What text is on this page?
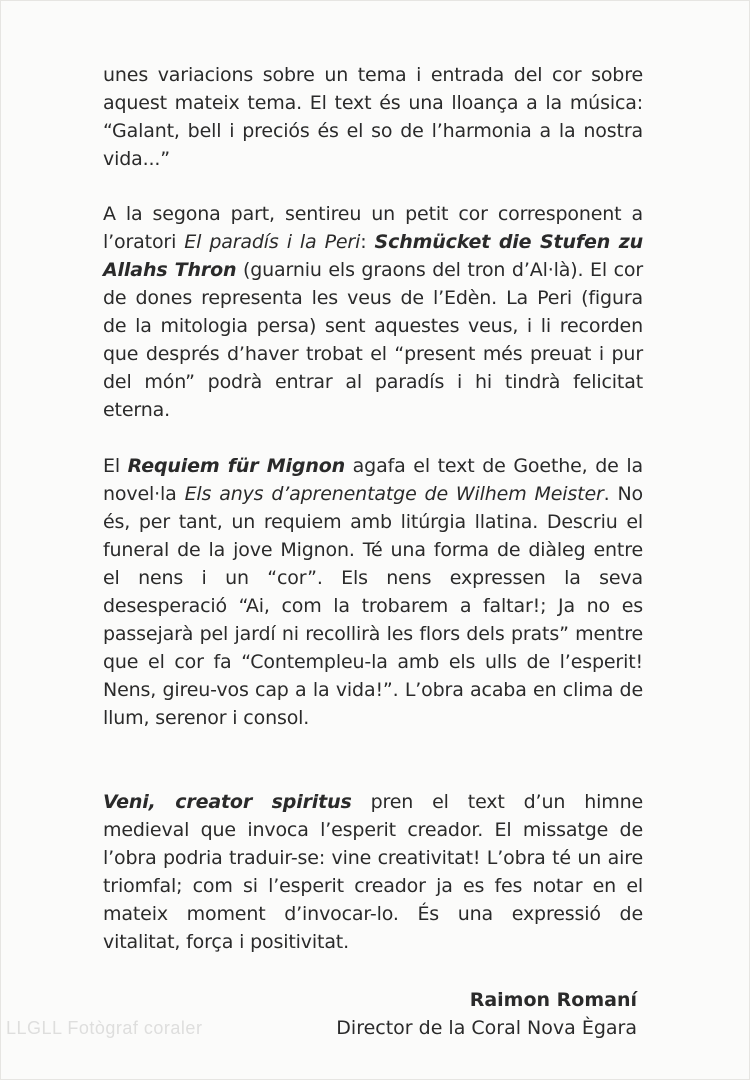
unes variacions sobre un tema i entrada del cor sobre aquest mateix tema. El text és una lloança a la música: “Galant, bell i preciós és el so de l’harmonia a la nostra vida...”

A la segona part, sentireu un petit cor corresponent a l’oratori El paradís i la Peri: Schmücket die Stufen zu Allahs Thron (guarniu els graons del tron d’Al·là). El cor de dones representa les veus de l’Edèn. La Peri (figura de la mitologia persa) sent aquestes veus, i li recorden que després d’haver trobat el “present més preuat i pur del món” podrà entrar al paradís i hi tindrà felicitat eterna.

El Requiem für Mignon agafa el text de Goethe, de la novel·la Els anys d’aprenentatge de Wilhem Meister. No és, per tant, un requiem amb litúrgia llatina. Descriu el funeral de la jove Mignon. Té una forma de diàleg entre el nens i un “cor”. Els nens expressen la seva desesperació “Ai, com la trobarem a faltar!; Ja no es passejarà pel jardí ni recollirà les flors dels prats” mentre que el cor fa “Contempleu-la amb els ulls de l’esperit! Nens, gireu-vos cap a la vida!”. L’obra acaba en clima de llum, serenor i consol.

Veni, creator spiritus pren el text d’un himne medieval que invoca l’esperit creador. El missatge de l’obra podria traduir-se: vine creativitat! L’obra té un aire triomfal; com si l’esperit creador ja es fes notar en el mateix moment d’invocar-lo. És una expressió de vitalitat, força i positivitat.

Raimon Romaní
Director de la Coral Nova Ègara
LLGLL Fotògraf coraler
